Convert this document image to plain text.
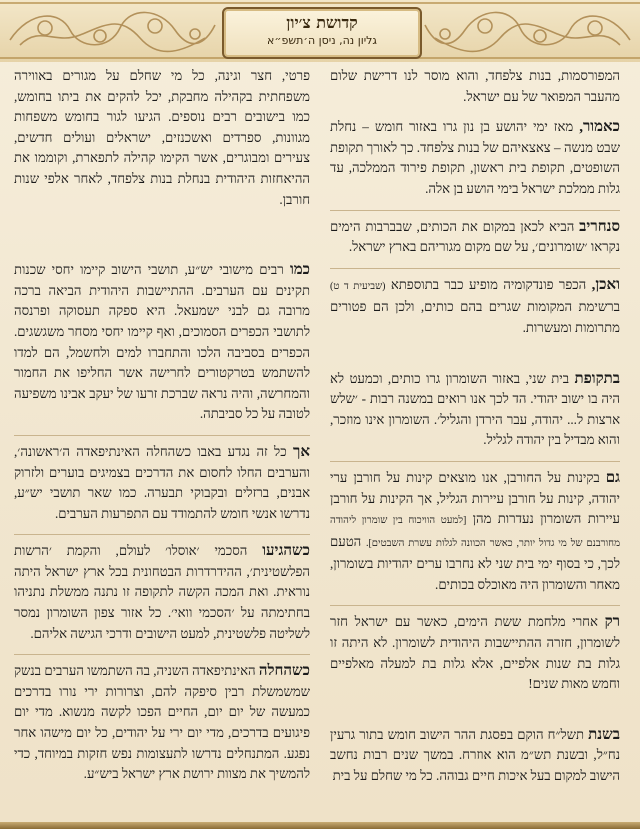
קדושת צ׳יון
גליון נה, ניסן ה׳תשפ״א

המפורסמות, בנות צלפחד, והוא מוסר לנו דרישת שלום מהעבר המפואר של עם ישראל.

כאמור, מאז ימי יהושע בן נון גרו באזור חומש – נחלת שבט מנשה – צאצאיהם של בנות צלפחד. כך לאורך תקופת השופטים, תקופת בית ראשון, תקופת פירוד הממלכה, עד גלות ממלכת ישראל בימי הושע בן אלה.

סנחריב הביא לכאן במקום את הכותים, שבברבות הימים נקראו ׳שומרונים׳, על שם מקום מגוריהם בארץ ישראל.

ואכן, הכפר פונדקומיה מופיע כבר בתוספתא (שביעית ד ט) ברשימת המקומות שגרים בהם כותים, ולכן הם פטורים מתרומות ומעשרות.

בתקופת בית שני, באזור השומרון גרו כותים, וכמעט לא היה בו ישוב יהודי. הד לכך אנו רואים במשנה רבות - ׳שלש ארצות ל... יהודה, עבר הירדן והגליל׳. השומרון אינו מוזכר, והוא מבדיל בין יהודה לגליל.

גם בקינות על החורבן, אנו מוצאים קינות על חורבן ערי יהודה, קינות על חורבן עיירות הגליל, אך הקינות על חורבן עיירות השומרון נעדרות מהן [למעט הוויכוח בין שומרון ליהודה מחורבנם של מי גדול יותר, כאשר הכוונה לגלות עשרת השבטים]. הטעם לכך, כי בסוף ימי בית שני לא נחרבו ערים יהודיות בשומרון, מאחר והשומרון היה מאוכלס בכותים.

רק אחרי מלחמת ששת הימים, כאשר עם ישראל חזר לשומרון, חזרה ההתיישבות היהודית לשומרון. לא היתה זו גלות בת שנות אלפיים, אלא גלות בת למעלה מאלפיים וחמש מאות שנים!

בשנת תשל״ח הוקם בפסגת ההר הישוב חומש בתור גרעין נח״ל, ובשנת תש״מ הוא אוזרח. במשך שנים רבות נחשב הישוב למקום בעל איכות חיים גבוהה. כל מי שחלם על בית

פרטי, חצר וגינה, כל מי שחלם על מגורים באווירה משפחתית בקהילה מחבקת, יכל להקים את ביתו בחומש, כמו בישובים רבים נוספים. הגיעו לגור בחומש משפחות מגוונות, ספרדים ואשכנזים, ישראלים ועולים חדשים, צעירים ומבוגרים, אשר הקימו קהילה לתפארת, וקוממו את ההיאחזות היהודית בנחלת בנות צלפחד, לאחר אלפי שנות חורבן.

כמו רבים מישובי יש״ע, תושבי הישוב קיימו יחסי שכנות תקינים עם הערבים. ההתיישבות היהודית הביאה ברכה מרובה גם לבני ישמעאל. היא ספקה תעסוקה ופרנסה לתושבי הכפרים הסמוכים, ואף קיימו יחסי מסחר משגשגים. הכפרים בסביבה הלכו והתחברו למים ולחשמל, הם למדו להשתמש בטרקטורים לחרישה אשר החליפו את החמור והמחרשה, והיה נראה שברכת זרעו של יעקב אבינו משפיעה לטובה על כל סביבתה.

אך כל זה נגדע באבו כשהחלה האינתיפאדה ה׳ראשונה׳, והערבים החלו לחסום את הדרכים בצמיגים בוערים ולזרוק אבנים, ברזלים ובקבוקי תבערה. כמו שאר תושבי יש״ע, נדרשו אנשי חומש להתמודד עם התפרעות הערבים.

כשהגיעו הסכמי ׳אוסלו׳ לעולם, והקמת ׳הרשות הפלשטינית׳, ההידרדרות הבטחונית בכל ארץ ישראל היתה נוראית. ואת המכה הקשה לתקופה זו נתנה ממשלת נתניהו בחתימתה על ׳הסכמי וואי׳. כל אזור צפון השומרון נמסר לשליטה פלשטינית, למעט הישובים ודרכי הגישה אליהם.

כשהחלה האינתיפאדה השניה, בה השתמשו הערבים בנשק שמשמשלת רבין סיפקה להם, וצרורות ירי נורו בדרכים כמעשה של יום יום, החיים הפכו לקשה מנשוא. מדי יום פיגועים בדרכים, מדי יום ירי על יהודים, כל יום מישהו אחר נפגע. המתנחלים נדרשו לתעצומות נפש חזקות במיוחד, כדי להמשיך את מצוות ירושת ארץ ישראל ביש״ע.
